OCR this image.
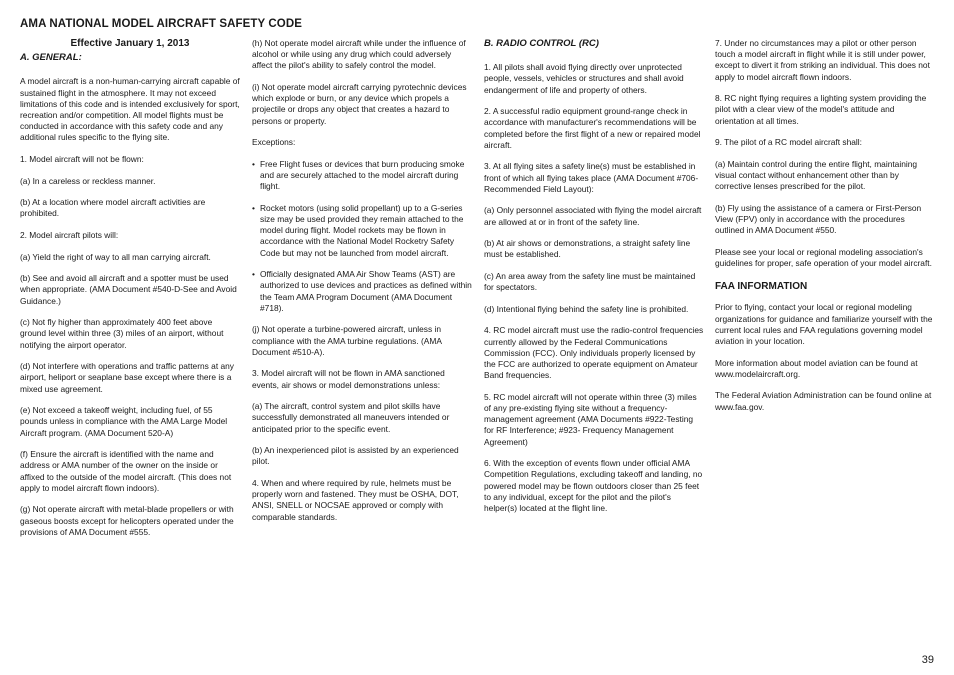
AMA NATIONAL MODEL AIRCRAFT SAFETY CODE
Effective January 1, 2013
A. GENERAL:

A model aircraft is a non-human-carrying aircraft capable of sustained flight in the atmosphere. It may not exceed limitations of this code and is intended exclusively for sport, recreation and/or competition. All model flights must be conducted in accordance with this safety code and any additional rules specific to the flying site.

1. Model aircraft will not be flown:

(a) In a careless or reckless manner.

(b) At a location where model aircraft activities are prohibited.

2. Model aircraft pilots will:

(a) Yield the right of way to all man carrying aircraft.

(b) See and avoid all aircraft and a spotter must be used when appropriate. (AMA Document #540-D-See and Avoid Guidance.)

(c) Not fly higher than approximately 400 feet above ground level within three (3) miles of an airport, without notifying the airport operator.

(d) Not interfere with operations and traffic patterns at any airport, heliport or seaplane base except where there is a mixed use agreement.

(e) Not exceed a takeoff weight, including fuel, of 55 pounds unless in compliance with the AMA Large Model Aircraft program. (AMA Document 520-A)

(f) Ensure the aircraft is identified with the name and address or AMA number of the owner on the inside or affixed to the outside of the model aircraft. (This does not apply to model aircraft flown indoors).

(g) Not operate aircraft with metal-blade propellers or with gaseous boosts except for helicopters operated under the provisions of AMA Document #555.

(h) Not operate model aircraft while under the influence of alcohol or while using any drug which could adversely affect the pilot's ability to safely control the model.

(i) Not operate model aircraft carrying pyrotechnic devices which explode or burn, or any device which propels a projectile or drops any object that creates a hazard to persons or property.

Exceptions:

• Free Flight fuses or devices that burn producing smoke and are securely attached to the model aircraft during flight.
• Rocket motors (using solid propellant) up to a G-series size may be used provided they remain attached to the model during flight. Model rockets may be flown in accordance with the National Model Rocketry Safety Code but may not be launched from model aircraft.
• Officially designated AMA Air Show Teams (AST) are authorized to use devices and practices as defined within the Team AMA Program Document (AMA Document #718).

(j) Not operate a turbine-powered aircraft, unless in compliance with the AMA turbine regulations. (AMA Document #510-A).

3. Model aircraft will not be flown in AMA sanctioned events, air shows or model demonstrations unless:

(a) The aircraft, control system and pilot skills have successfully demonstrated all maneuvers intended or anticipated prior to the specific event.

(b) An inexperienced pilot is assisted by an experienced pilot.

4. When and where required by rule, helmets must be properly worn and fastened. They must be OSHA, DOT, ANSI, SNELL or NOCSAE approved or comply with comparable standards.

B. RADIO CONTROL (RC)

1. All pilots shall avoid flying directly over unprotected people, vessels, vehicles or structures and shall avoid endangerment of life and property of others.

2. A successful radio equipment ground-range check in accordance with manufacturer's recommendations will be completed before the first flight of a new or repaired model aircraft.

3. At all flying sites a safety line(s) must be established in front of which all flying takes place (AMA Document #706-Recommended Field Layout):

(a) Only personnel associated with flying the model aircraft are allowed at or in front of the safety line.

(b) At air shows or demonstrations, a straight safety line must be established.

(c) An area away from the safety line must be maintained for spectators.

(d) Intentional flying behind the safety line is prohibited.

4. RC model aircraft must use the radio-control frequencies currently allowed by the Federal Communications Commission (FCC). Only individuals properly licensed by the FCC are authorized to operate equipment on Amateur Band frequencies.

5. RC model aircraft will not operate within three (3) miles of any pre-existing flying site without a frequency-management agreement (AMA Documents #922-Testing for RF Interference; #923- Frequency Management Agreement)

6. With the exception of events flown under official AMA Competition Regulations, excluding takeoff and landing, no powered model may be flown outdoors closer than 25 feet to any individual, except for the pilot and the pilot's helper(s) located at the flight line.

7. Under no circumstances may a pilot or other person touch a model aircraft in flight while it is still under power, except to divert it from striking an individual. This does not apply to model aircraft flown indoors.

8. RC night flying requires a lighting system providing the pilot with a clear view of the model's attitude and orientation at all times.

9. The pilot of a RC model aircraft shall:

(a) Maintain control during the entire flight, maintaining visual contact without enhancement other than by corrective lenses prescribed for the pilot.

(b) Fly using the assistance of a camera or First-Person View (FPV) only in accordance with the procedures outlined in AMA Document #550.

Please see your local or regional modeling association's guidelines for proper, safe operation of your model aircraft.

FAA INFORMATION

Prior to flying, contact your local or regional modeling organizations for guidance and familiarize yourself with the current local rules and FAA regulations governing model aviation in your location.

More information about model aviation can be found at www.modelaircraft.org.

The Federal Aviation Administration can be found online at www.faa.gov.

39
